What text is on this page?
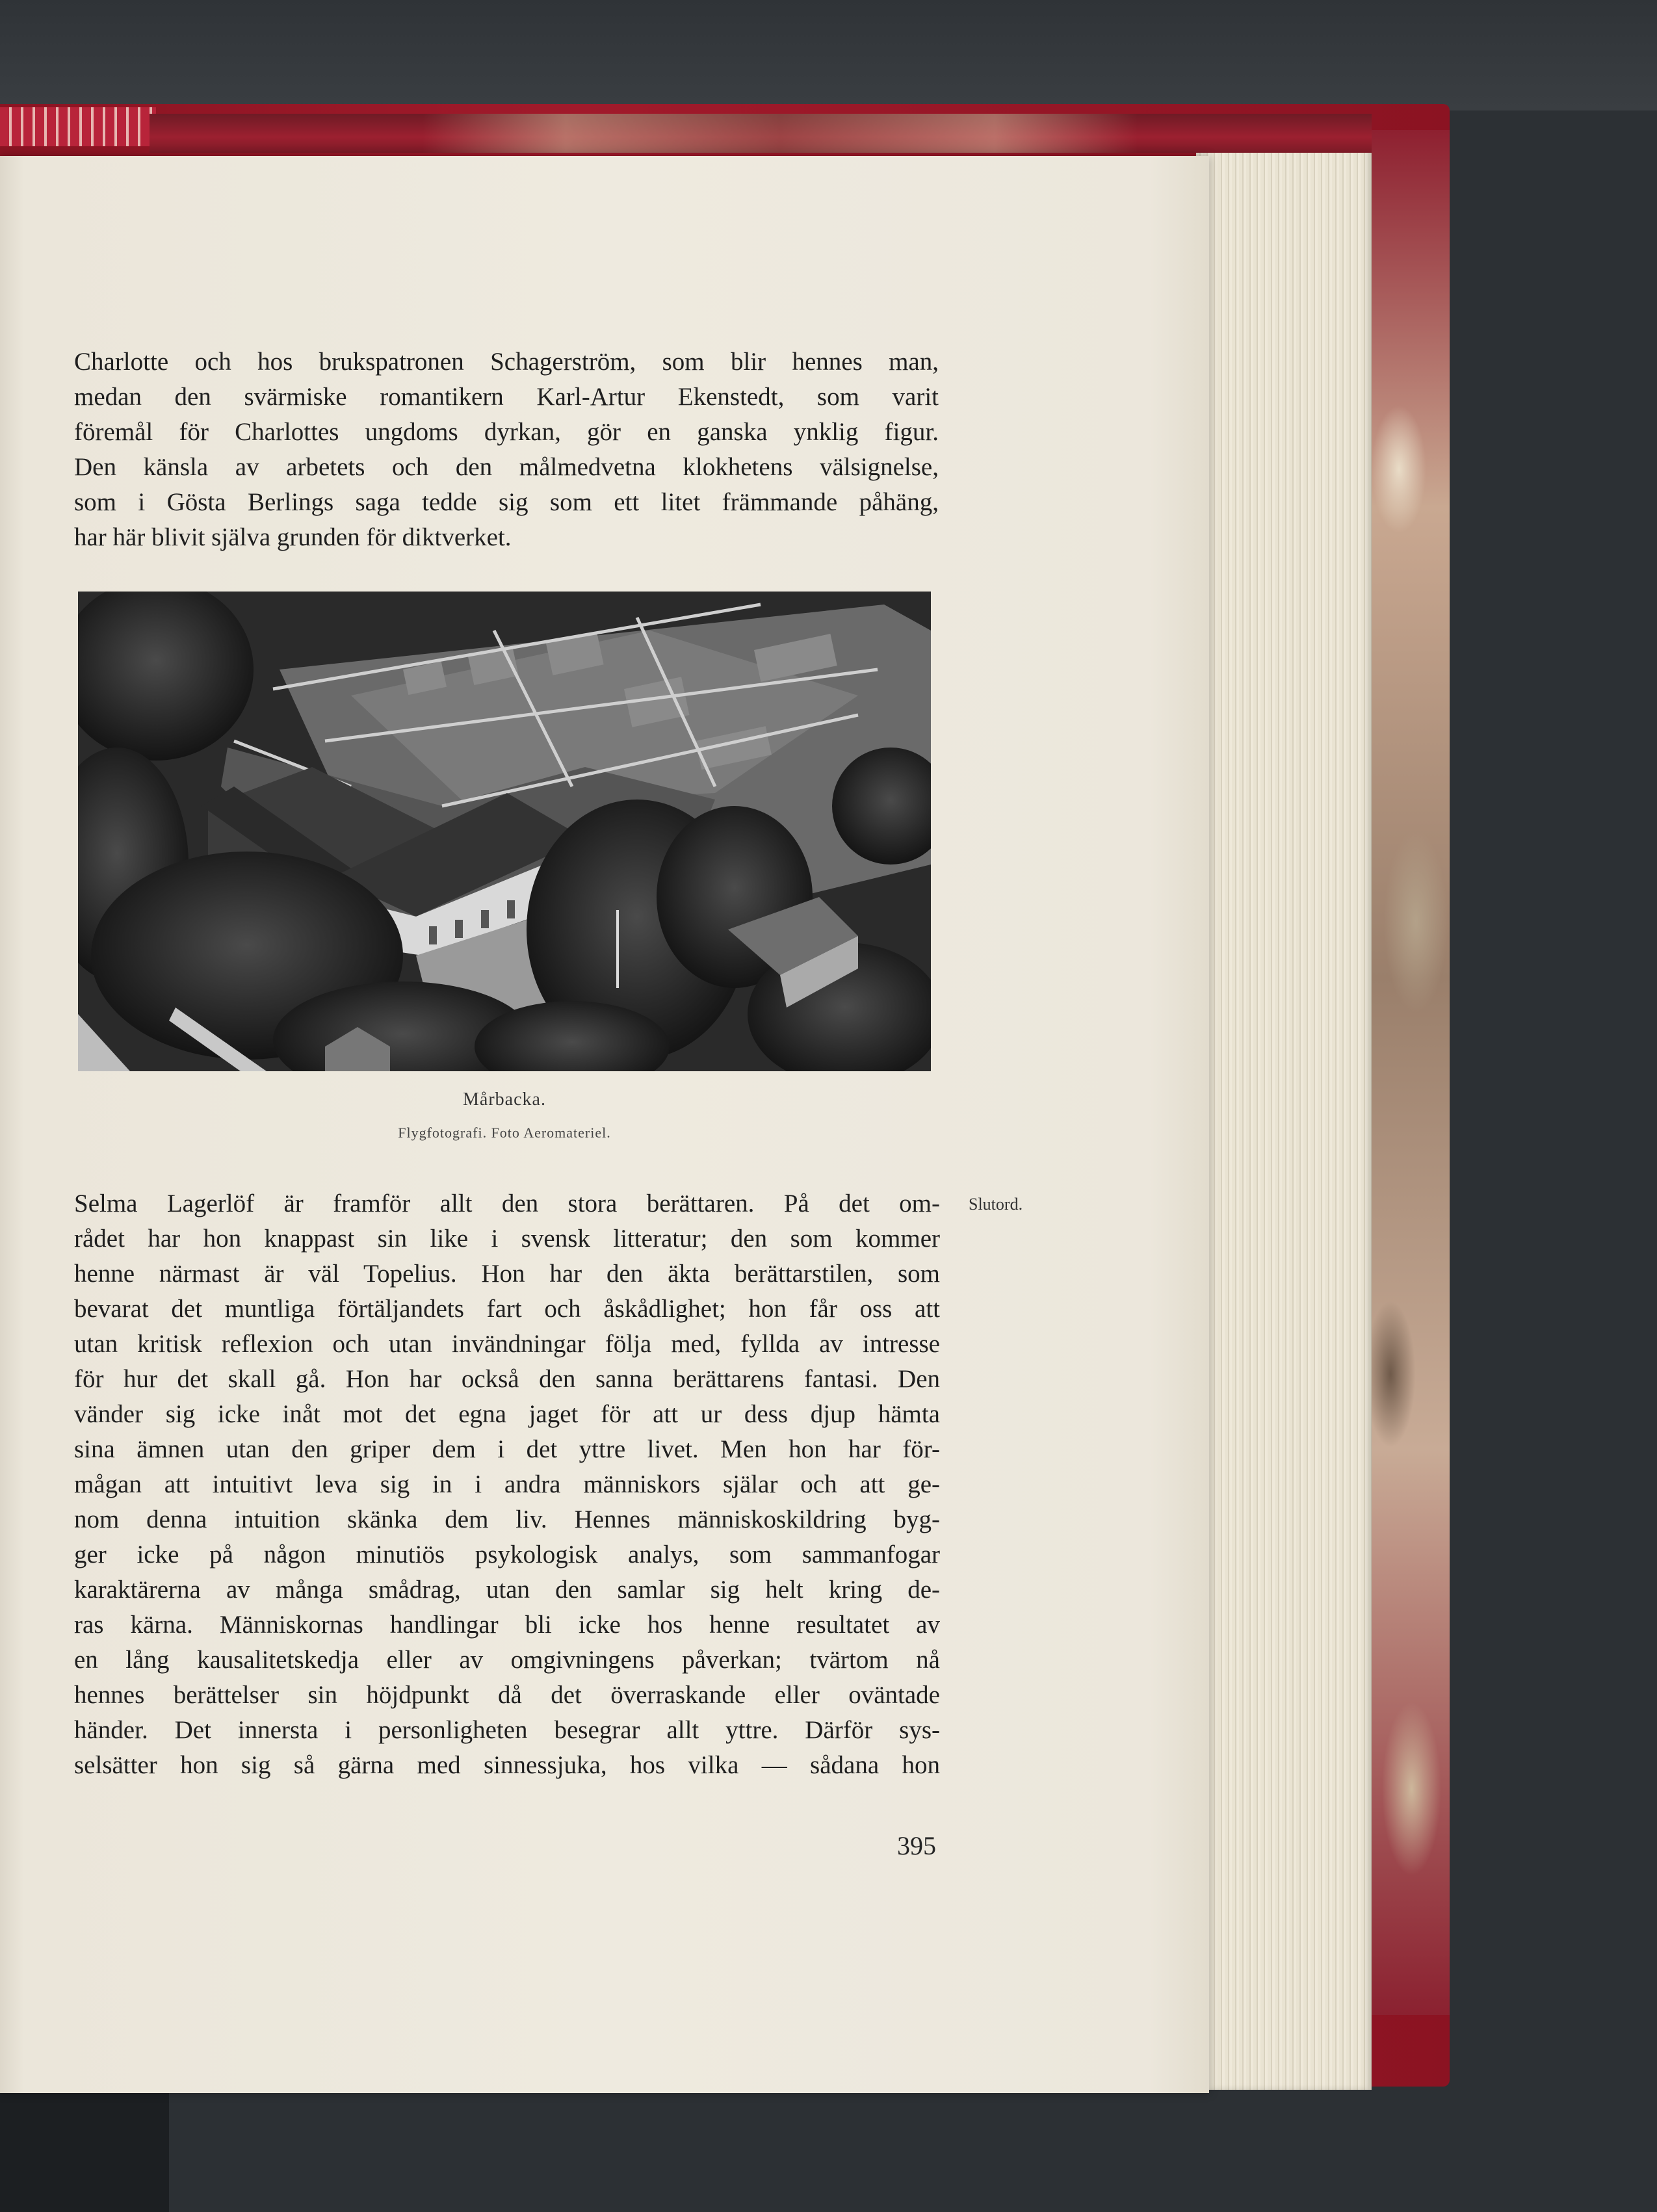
Charlotte och hos brukspatronen Schagerström, som blir hennes man,
medan den svärmiske romantikern Karl-Artur Ekenstedt, som varit
föremål för Charlottes ungdoms dyrkan, gör en ganska ynklig figur.
Den känsla av arbetets och den målmedvetna klokhetens välsignelse,
som i Gösta Berlings saga tedde sig som ett litet främmande påhäng,
har här blivit själva grunden för diktverket.
Mårbacka.
Flygfotografi. Foto Aeromateriel.
Slutord.
Selma Lagerlöf är framför allt den stora berättaren. På det om-
rådet har hon knappast sin like i svensk litteratur; den som kommer
henne närmast är väl Topelius. Hon har den äkta berättarstilen, som
bevarat det muntliga förtäljandets fart och åskådlighet; hon får oss att
utan kritisk reflexion och utan invändningar följa med, fyllda av intresse
för hur det skall gå. Hon har också den sanna berättarens fantasi. Den
vänder sig icke inåt mot det egna jaget för att ur dess djup hämta
sina ämnen utan den griper dem i det yttre livet. Men hon har för-
mågan att intuitivt leva sig in i andra människors själar och att ge-
nom denna intuition skänka dem liv. Hennes människoskildring byg-
ger icke på någon minutiös psykologisk analys, som sammanfogar
karaktärerna av många smådrag, utan den samlar sig helt kring de-
ras kärna. Människornas handlingar bli icke hos henne resultatet av
en lång kausalitetskedja eller av omgivningens påverkan; tvärtom nå
hennes berättelser sin höjdpunkt då det överraskande eller oväntade
händer. Det innersta i personligheten besegrar allt yttre. Därför sys-
selsätter hon sig så gärna med sinnessjuka, hos vilka — sådana hon
395
